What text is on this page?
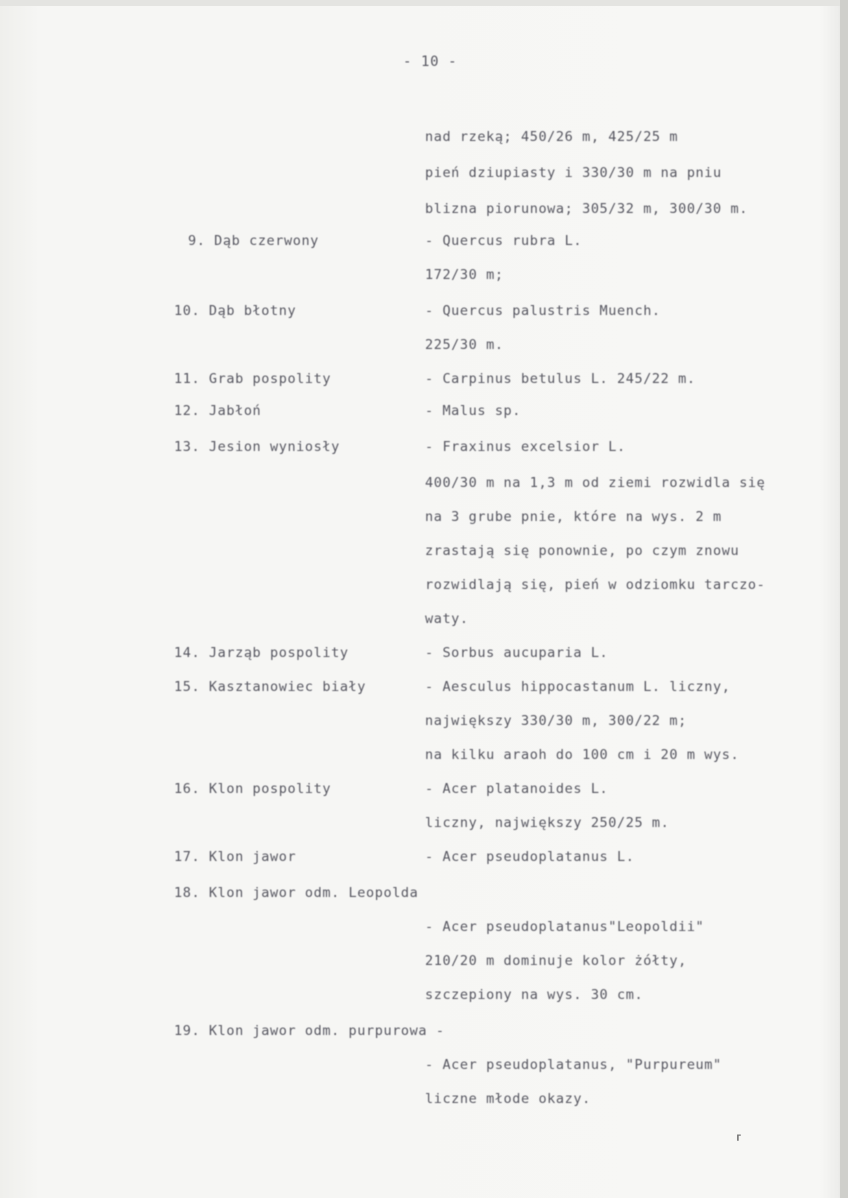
- 10 -
nad rzeką; 450/26 m, 425/25 m
pień dziupiasty i 330/30 m na pniu
blizna piorunowa; 305/32 m, 300/30 m.
9. Dąb czerwony	- Quercus rubra L.
172/30 m;
10. Dąb błotny	- Quercus palustris Muench.
225/30 m.
11. Grab pospolity	- Carpinus betulus L. 245/22 m.
12. Jabłoń	- Malus sp.
13. Jesion wyniosły	- Fraxinus excelsior L.
400/30 m na 1,3 m od ziemi rozwidla się
na 3 grube pnie, które na wys. 2 m
zrastają się ponownie, po czym znowu
rozwidlają się, pień w odziomku tarczo-
waty.
14. Jarząb pospolity	- Sorbus aucuparia L.
15. Kasztanowiec biały	- Aesculus hippocastanum L. liczny,
największy 330/30 m, 300/22 m;
na kilku araoh do 100 cm i 20 m wys.
16. Klon pospolity	- Acer platanoides L.
liczny, największy 250/25 m.
17. Klon jawor	- Acer pseudoplatanus L.
18. Klon jawor odm. Leopolda
- Acer pseudoplatanus"Leopoldii"
210/20 m dominuje kolor żółty,
szczepiony na wys. 30 cm.
19. Klon jawor odm. purpurowa -
- Acer pseudoplatanus, "Purpureum"
liczne młode okazy.
⸢
